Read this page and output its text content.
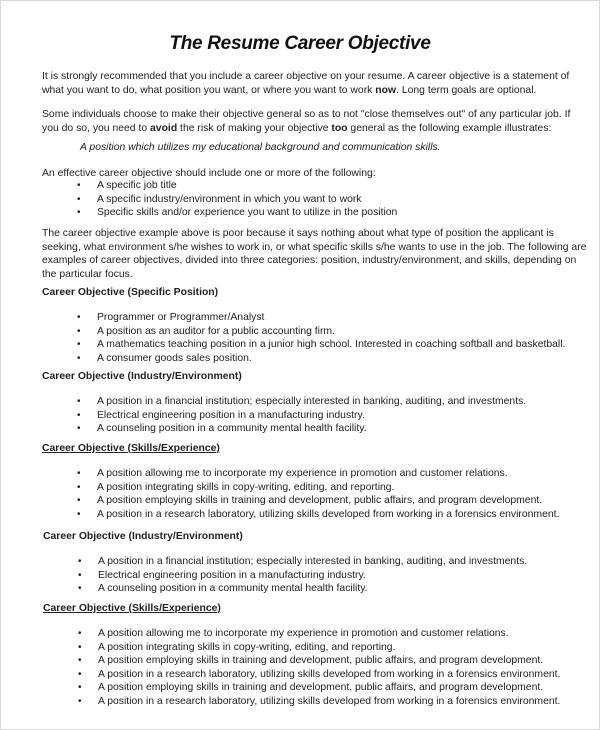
The Resume Career Objective

It is strongly recommended that you include a career objective on your resume. A career objective is a statement of what you want to do, what position you want, or where you want to work now. Long term goals are optional.

Some individuals choose to make their objective general so as to not "close themselves out" of any particular job. If you do so, you need to avoid the risk of making your objective too general as the following example illustrates:

A position which utilizes my educational background and communication skills.

An effective career objective should include one or more of the following:

• A specific job title
• A specific industry/environment in which you want to work
• Specific skills and/or experience you want to utilize in the position

The career objective example above is poor because it says nothing about what type of position the applicant is seeking, what environment s/he wishes to work in, or what specific skills s/he wants to use in the job. The following are examples of career objectives, divided into three categories: position, industry/environment, and skills, depending on the particular focus.

Career Objective (Specific Position)

• Programmer or Programmer/Analyst
• A position as an auditor for a public accounting firm.
• A mathematics teaching position in a junior high school. Interested in coaching softball and basketball.
• A consumer goods sales position.

Career Objective (Industry/Environment)

• A position in a financial institution; especially interested in banking, auditing, and investments.
• Electrical engineering position in a manufacturing industry.
• A counseling position in a community mental health facility.

Career Objective (Skills/Experience)

• A position allowing me to incorporate my experience in promotion and customer relations.
• A position integrating skills in copy-writing, editing, and reporting.
• A position employing skills in training and development, public affairs, and program development.
• A position in a research laboratory, utilizing skills developed from working in a forensics environment.

Career Objective (Industry/Environment)

• A position in a financial institution; especially interested in banking, auditing, and investments.
• Electrical engineering position in a manufacturing industry.
• A counseling position in a community mental health facility.

Career Objective (Skills/Experience)

• A position allowing me to incorporate my experience in promotion and customer relations.
• A position integrating skills in copy-writing, editing, and reporting.
• A position employing skills in training and development, public affairs, and program development.
• A position in a research laboratory, utilizing skills developed from working in a forensics environment.
• A position employing skills in training and development, public affairs, and program development.
• A position in a research laboratory, utilizing skills developed from working in a forensics environment.
